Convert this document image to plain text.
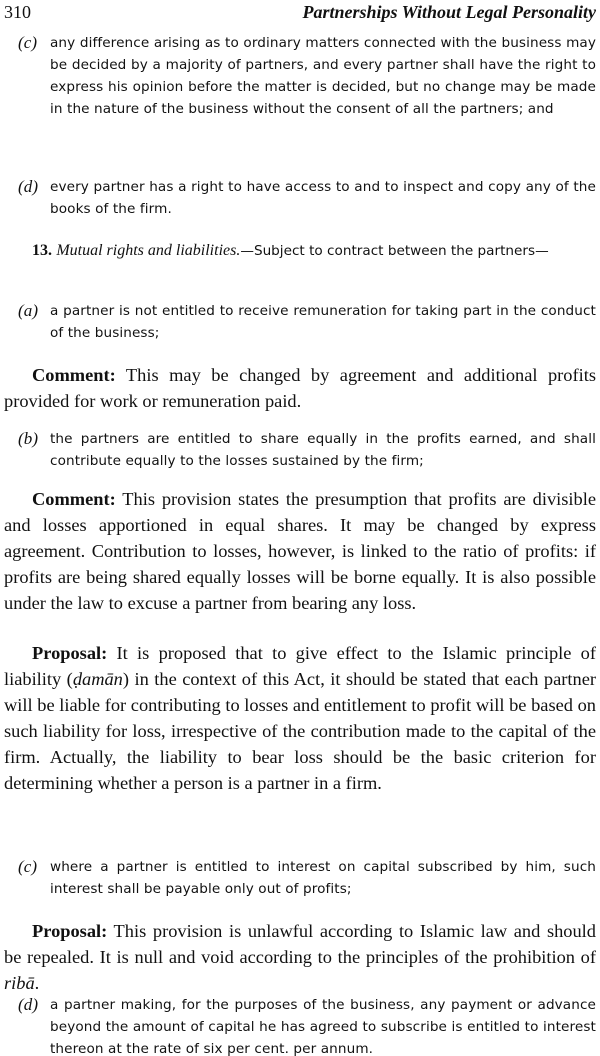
310	Partnerships Without Legal Personality
(c) any difference arising as to ordinary matters connected with the business may be decided by a majority of partners, and every partner shall have the right to express his opinion before the matter is decided, but no change may be made in the nature of the business without the consent of all the partners; and
(d) every partner has a right to have access to and to inspect and copy any of the books of the firm.
13. Mutual rights and liabilities.—Subject to contract between the partners—
(a) a partner is not entitled to receive remuneration for taking part in the conduct of the business;
Comment: This may be changed by agreement and additional profits provided for work or remuneration paid.
(b) the partners are entitled to share equally in the profits earned, and shall contribute equally to the losses sustained by the firm;
Comment: This provision states the presumption that profits are divisible and losses apportioned in equal shares. It may be changed by express agreement. Contribution to losses, however, is linked to the ratio of profits: if profits are being shared equally losses will be borne equally. It is also possible under the law to excuse a partner from bearing any loss.
Proposal: It is proposed that to give effect to the Islamic principle of liability (ḍamān) in the context of this Act, it should be stated that each partner will be liable for contributing to losses and entitlement to profit will be based on such liability for loss, irrespective of the contribution made to the capital of the firm. Actually, the liability to bear loss should be the basic criterion for determining whether a person is a partner in a firm.
(c) where a partner is entitled to interest on capital subscribed by him, such interest shall be payable only out of profits;
Proposal: This provision is unlawful according to Islamic law and should be repealed. It is null and void according to the principles of the prohibition of ribā.
(d) a partner making, for the purposes of the business, any payment or advance beyond the amount of capital he has agreed to subscribe is entitled to interest thereon at the rate of six per cent. per annum.
